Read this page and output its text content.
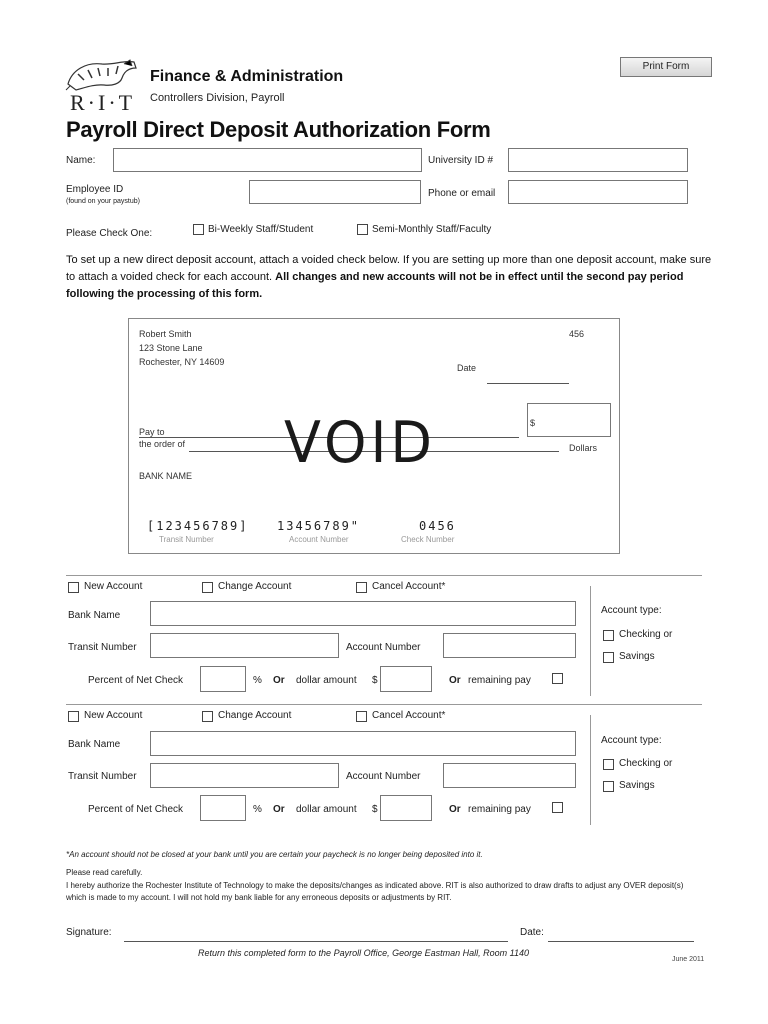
R·I·T
Finance & Administration
Controllers Division, Payroll
Print Form
Payroll Direct Deposit Authorization Form
Name:	University ID #
Employee ID
(found on your paystub)
Phone or email
Please Check One:	Bi-Weekly Staff/Student	Semi-Monthly Staff/Faculty
To set up a new direct deposit account, attach a voided check below. If you are setting up more than one deposit account, make sure to attach a voided check for each account. All changes and new accounts will not be in effect until the second pay period following the processing of this form.
Robert Smith
123 Stone Lane
Rochester, NY 14609
456
Date
$
Pay to
the order of	Dollars
VOID
BANK NAME
[123456789] 13456789"	0456
Transit Number	Account Number	Check Number
New Account	Change Account	Cancel Account*
Bank Name
Transit Number	Account Number
Percent of Net Check	% Or dollar amount $	Or remaining pay
Account type:
Checking or
Savings
New Account	Change Account	Cancel Account*
Bank Name
Transit Number	Account Number
Percent of Net Check	% Or dollar amount $	Or remaining pay
Account type:
Checking or
Savings
*An account should not be closed at your bank until you are certain your paycheck is no longer being deposited into it.
Please read carefully.
I hereby authorize the Rochester Institute of Technology to make the deposits/changes as indicated above. RIT is also authorized to draw drafts to adjust any OVER deposit(s) which is made to my account. I will not hold my bank liable for any erroneous deposits or adjustments by RIT.
Signature:	Date:
Return this completed form to the Payroll Office, George Eastman Hall, Room 1140
June 2011
